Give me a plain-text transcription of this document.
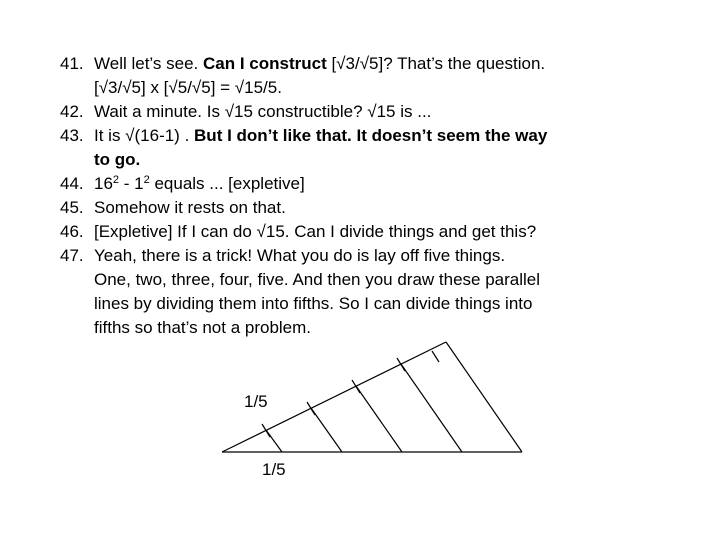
41. Well let’s see. Can I construct [√3/√5]? That’s the question.
[√3/√5] x [√5/√5] = √15/5.
42. Wait a minute. Is √15 constructible? √15 is ...
43. It is √(16-1) . But I don’t like that. It doesn’t seem the way
to go.
44. $16^2 - 1^2$ equals ... [expletive]
45. Somehow it rests on that.
46. [Expletive] If I can do √15. Can I divide things and get this?
47. Yeah, there is a trick! What you do is lay off five things.
One, two, three, four, five. And then you draw these parallel
lines by dividing them into fifths. So I can divide things into
fifths so that’s not a problem.
1/5
1/5
